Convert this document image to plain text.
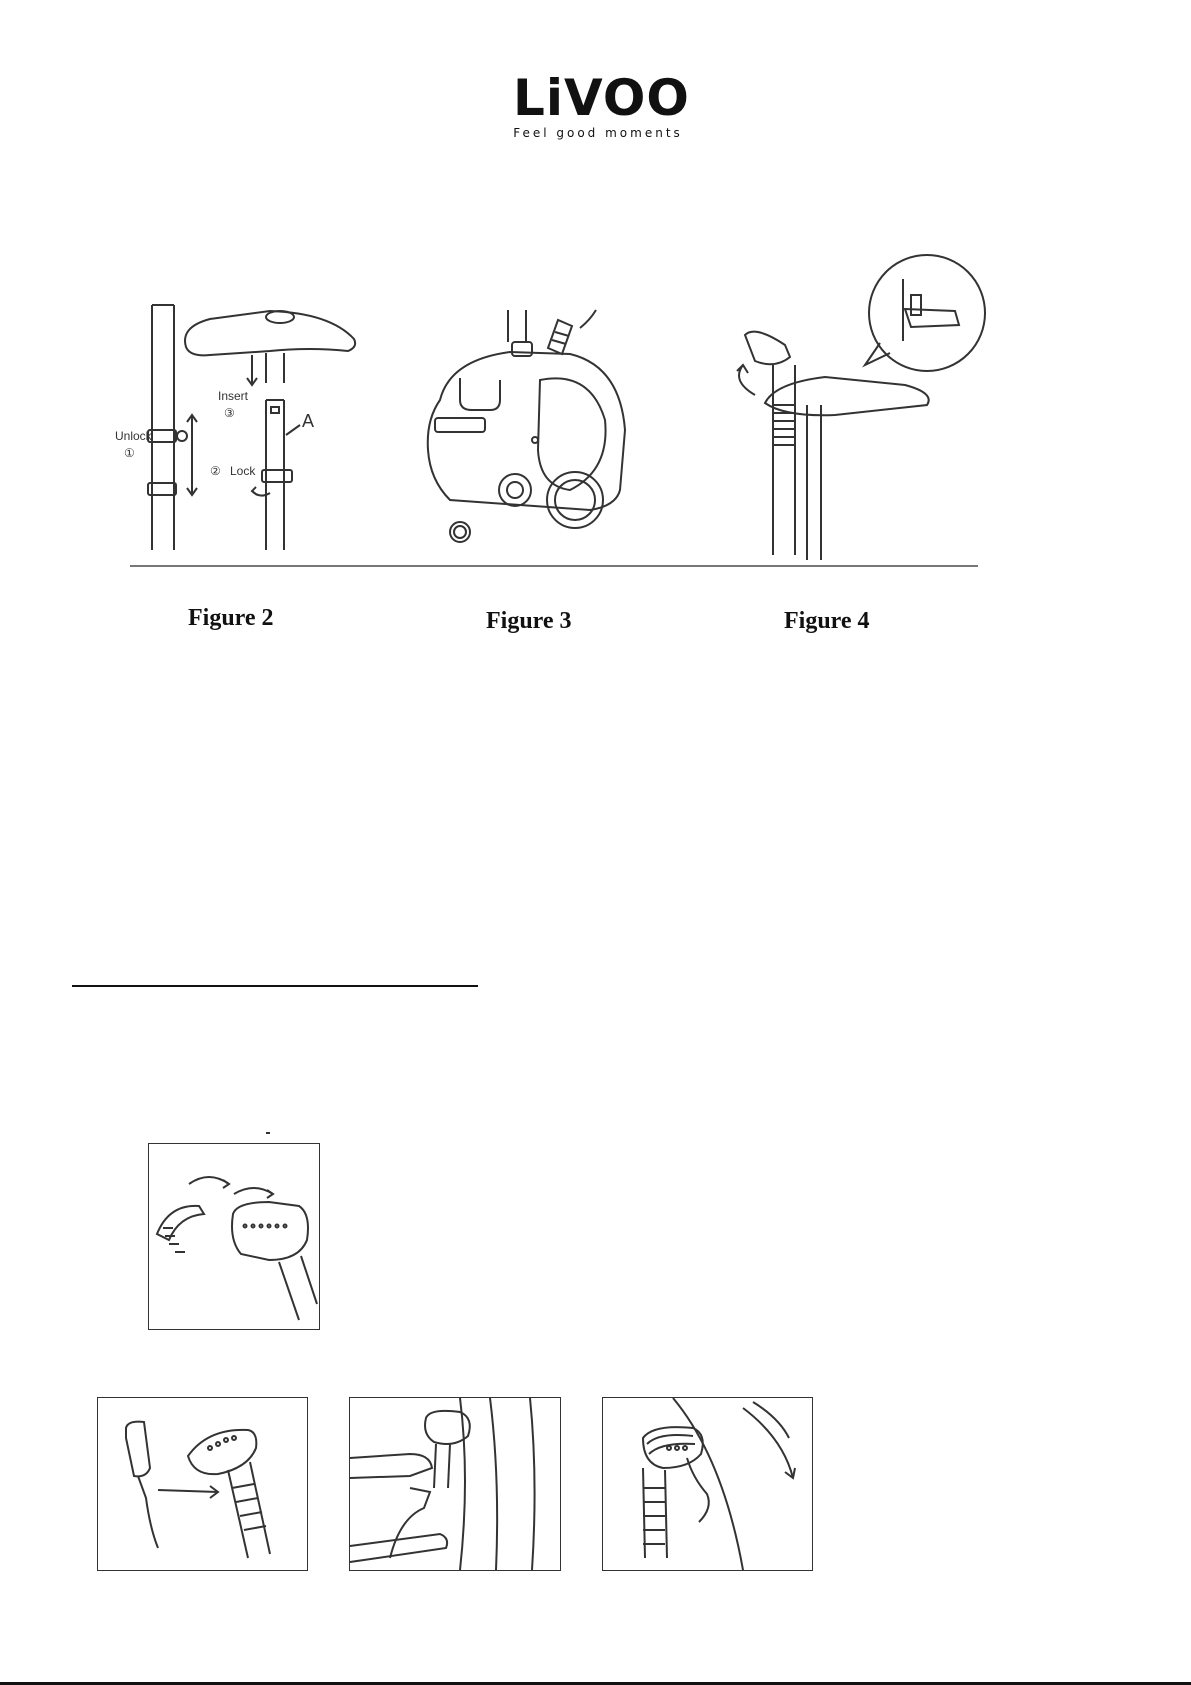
LiVOO
Feel good moments
Unlock
①
Insert
③
② Lock
A
Figure 2	Figure 3	Figure 4
